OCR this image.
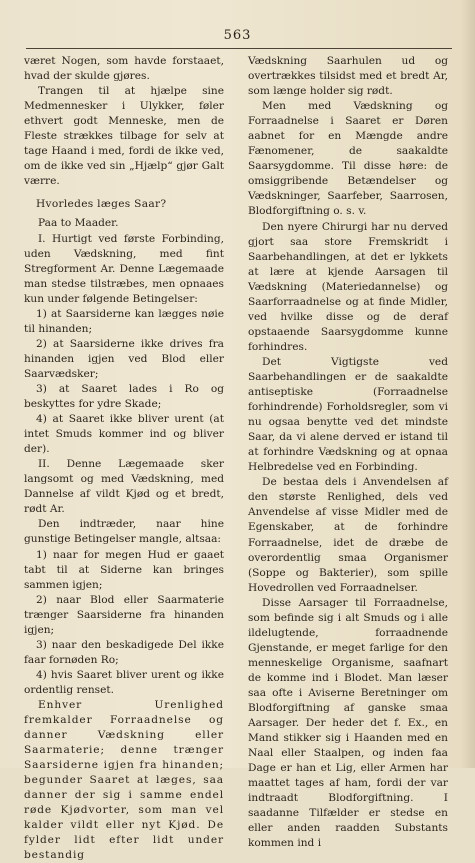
563

været Nogen, som havde forstaaet, hvad der skulde gjøres.

Trangen til at hjælpe sine Medmennesker i Ulykker, føler ethvert godt Menneske, men de Fleste strækkes tilbage for selv at tage Haand i med, fordi de ikke ved, om de ikke ved sin „Hjælp“ gjør Galt værre.

Hvorledes læges Saar?

Paa to Maader.

I. Hurtigt ved første Forbinding, uden Vædskning, med fint Stregforment Ar. Denne Lægemaade man stedse tilstræbes, men opnaaes kun under følgende Betingelser:

1) at Saarsiderne kan lægges nøie til hinanden;

2) at Saarsiderne ikke drives fra hinanden igjen ved Blod eller Saarvædsker;

3) at Saaret lades i Ro og beskyttes for ydre Skade;

4) at Saaret ikke bliver urent (at intet Smuds kommer ind og bliver der).

II. Denne Lægemaade sker langsomt og med Vædskning, med Dannelse af vildt Kjød og et bredt, rødt Ar.

Den indtræder, naar hine gunstige Betingelser mangle, altsaa:

1) naar for megen Hud er gaaet tabt til at Siderne kan bringes sammen igjen;

2) naar Blod eller Saarmaterie trænger Saarsiderne fra hinanden igjen;

3) naar den beskadigede Del ikke faar fornøden Ro;

4) hvis Saaret bliver urent og ikke ordentlig renset.

Enhver Urenlighed fremkalder Forraadnelse og danner Vædskning eller Saarmaterie; denne trænger Saarsiderne igjen fra hinanden; begunder Saaret at læges, saa danner der sig i samme endel røde Kjødvorter, som man vel kalder vildt eller nyt Kjød. De fylder lidt efter lidt under bestandig

Vædskning Saarhulen ud og overtrækkes tilsidst med et bredt Ar, som længe holder sig rødt.

Men med Vædskning og Forraadnelse i Saaret er Døren aabnet for en Mængde andre Fænomener, de saakaldte Saarsygdomme. Til disse høre: de omsiggribende Betændelser og Vædskninger, Saarfeber, Saarrosen, Blodforgiftning o. s. v.

Den nyere Chirurgi har nu derved gjort saa store Fremskridt i Saarbehandlingen, at det er lykkets at lære at kjende Aarsagen til Vædskning (Materiedannelse) og Saarforraadnelse og at finde Midler, ved hvilke disse og de deraf opstaaende Saarsygdomme kunne forhindres.

Det Vigtigste ved Saarbehandlingen er de saakaldte antiseptiske (Forraadnelse forhindrende) Forholdsregler, som vi nu ogsaa benytte ved det mindste Saar, da vi alene derved er istand til at forhindre Vædskning og at opnaa Helbredelse ved en Forbinding.

De bestaa dels i Anvendelsen af den største Renlighed, dels ved Anvendelse af visse Midler med de Egenskaber, at de forhindre Forraadnelse, idet de dræbe de overordentlig smaa Organismer (Soppe og Bakterier), som spille Hovedrollen ved Forraadnelser.

Disse Aarsager til Forraadnelse, som befinde sig i alt Smuds og i alle ildelugtende, forraadnende Gjenstande, er meget farlige for den menneskelige Organisme, saafnart de komme ind i Blodet. Man læser saa ofte i Aviserne Beretninger om Blodforgiftning af ganske smaa Aarsager. Der heder det f. Ex., en Mand stikker sig i Haanden med en Naal eller Staalpen, og inden faa Dage er han et Lig, eller Armen har maattet tages af ham, fordi der var indtraadt Blodforgiftning. I saadanne Tilfælder er stedse en eller anden raadden Substants kommen ind i
